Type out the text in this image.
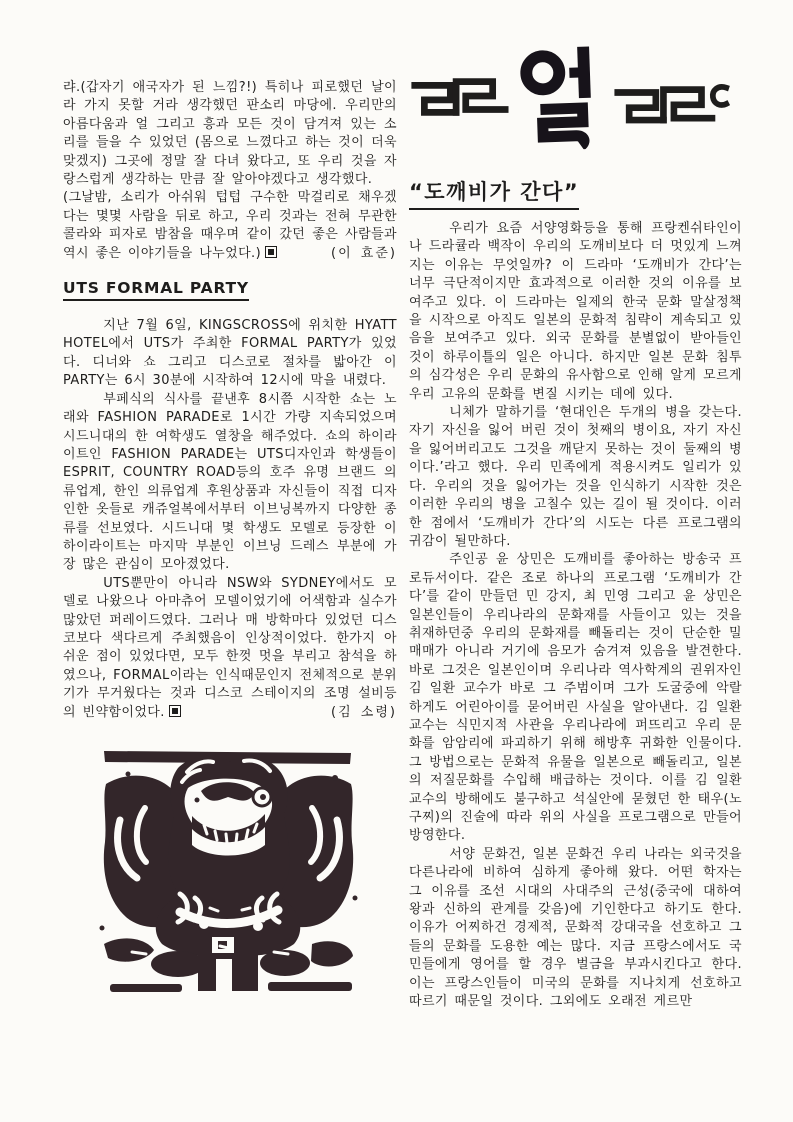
랴.(갑자기 애국자가 된 느낌?!) 특히나 피로했던 날이라 가지 못할 거라 생각했던 판소리 마당에. 우리만의 아름다움과 얼 그리고 흥과 모든 것이 담겨져 있는 소리를 들을 수 있었던 (몸으로 느꼈다고 하는 것이 더욱 맞겠지) 그곳에 정말 잘 다녀 왔다고, 또 우리 것을 자랑스럽게 생각하는 만큼 잘 알아야겠다고 생각했다.

(그날밤, 소리가 아쉬워 텁텁 구수한 막걸리로 채우겠다는 몇몇 사람을 뒤로 하고, 우리 것과는 전혀 무관한 콜라와 피자로 밤참을 때우며 같이 갔던 좋은 사람들과 역시 좋은 이야기들을 나누었다.)	(이 효준)

UTS FORMAL PARTY

지난 7월 6일, KINGSCROSS에 위치한 HYATT HOTEL에서 UTS가 주최한 FORMAL PARTY가 있었다. 디너와 쇼 그리고 디스코로 절차를 밟아간 이 PARTY는 6시 30분에 시작하여 12시에 막을 내렸다.

부페식의 식사를 끝낸후 8시쯤 시작한 쇼는 노래와 FASHION PARADE로 1시간 가량 지속되었으며 시드니대의 한 여학생도 열창을 해주었다. 쇼의 하이라이트인 FASHION PARADE는 UTS디자인과 학생들이 ESPRIT, COUNTRY ROAD등의 호주 유명 브랜드 의류업계, 한인 의류업계 후원상품과 자신들이 직접 디자인한 옷들로 캐쥬얼복에서부터 이브닝복까지 다양한 종류를 선보였다. 시드니대 몇 학생도 모델로 등장한 이 하이라이트는 마지막 부분인 이브닝 드레스 부분에 가장 많은 관심이 모아졌었다.

UTS뿐만이 아니라 NSW와 SYDNEY에서도 모델로 나왔으나 아마츄어 모델이었기에 어색함과 실수가 많았던 퍼레이드였다. 그러나 매 방학마다 있었던 디스코보다 색다르게 주최했음이 인상적이었다. 한가지 아쉬운 점이 있었다면, 모두 한껏 멋을 부리고 참석을 하였으나, FORMAL이라는 인식때문인지 전체적으로 분위기가 무거웠다는 것과 디스코 스테이지의 조명 설비등의 빈약함이었다.	(김 소령)

“도깨비가 간다”

우리가 요즘 서양영화등을 통해 프랑켄쉬타인이나 드라큘라 백작이 우리의 도깨비보다 더 멋있게 느껴지는 이유는 무엇일까? 이 드라마 ‘도깨비가 간다’는 너무 극단적이지만 효과적으로 이러한 것의 이유를 보여주고 있다. 이 드라마는 일제의 한국 문화 말살정책을 시작으로 아직도 일본의 문화적 침략이 계속되고 있음을 보여주고 있다. 외국 문화를 분별없이 받아들인 것이 하루이틀의 일은 아니다. 하지만 일본 문화 침투의 심각성은 우리 문화의 유사함으로 인해 알게 모르게 우리 고유의 문화를 변질 시키는 데에 있다.

니체가 말하기를 ‘현대인은 두개의 병을 갖는다. 자기 자신을 잃어 버린 것이 첫째의 병이요, 자기 자신을 잃어버리고도 그것을 깨닫지 못하는 것이 둘째의 병이다.’라고 했다. 우리 민족에게 적용시켜도 일리가 있다. 우리의 것을 잃어가는 것을 인식하기 시작한 것은 이러한 우리의 병을 고칠수 있는 길이 될 것이다. 이러한 점에서 ‘도깨비가 간다’의 시도는 다른 프로그램의 귀감이 될만하다.

주인공 윤 상민은 도깨비를 좋아하는 방송국 프로듀서이다. 같은 조로 하나의 프로그램 ‘도깨비가 간다’를 같이 만들던 민 강지, 최 민영 그리고 윤 상민은 일본인들이 우리나라의 문화재를 사들이고 있는 것을 취재하던중 우리의 문화재를 빼돌리는 것이 단순한 밀매매가 아니라 거기에 음모가 숨겨져 있음을 발견한다. 바로 그것은 일본인이며 우리나라 역사학계의 권위자인 김 일환 교수가 바로 그 주범이며 그가 도굴중에 악랄하게도 어린아이를 묻어버린 사실을 알아낸다. 김 일환교수는 식민지적 사관을 우리나라에 퍼뜨리고 우리 문화를 암암리에 파괴하기 위해 해방후 귀화한 인물이다. 그 방법으로는 문화적 유물을 일본으로 빼돌리고, 일본의 저질문화를 수입해 배급하는 것이다. 이를 김 일환 교수의 방해에도 불구하고 석실안에 묻혔던 한 태우(노구찌)의 진술에 따라 위의 사실을 프로그램으로 만들어 방영한다.

서양 문화건, 일본 문화건 우리 나라는 외국것을 다른나라에 비하여 심하게 좋아해 왔다. 어떤 학자는 그 이유를 조선 시대의 사대주의 근성(중국에 대하여 왕과 신하의 관계를 갖음)에 기인한다고 하기도 한다. 이유가 어찌하건 경제적, 문화적 강대국을 선호하고 그들의 문화를 도용한 예는 많다. 지금 프랑스에서도 국민들에게 영어를 할 경우 벌금을 부과시킨다고 한다. 이는 프랑스인들이 미국의 문화를 지나치게 선호하고 따르기 때문일 것이다. 그외에도 오래전 게르만
